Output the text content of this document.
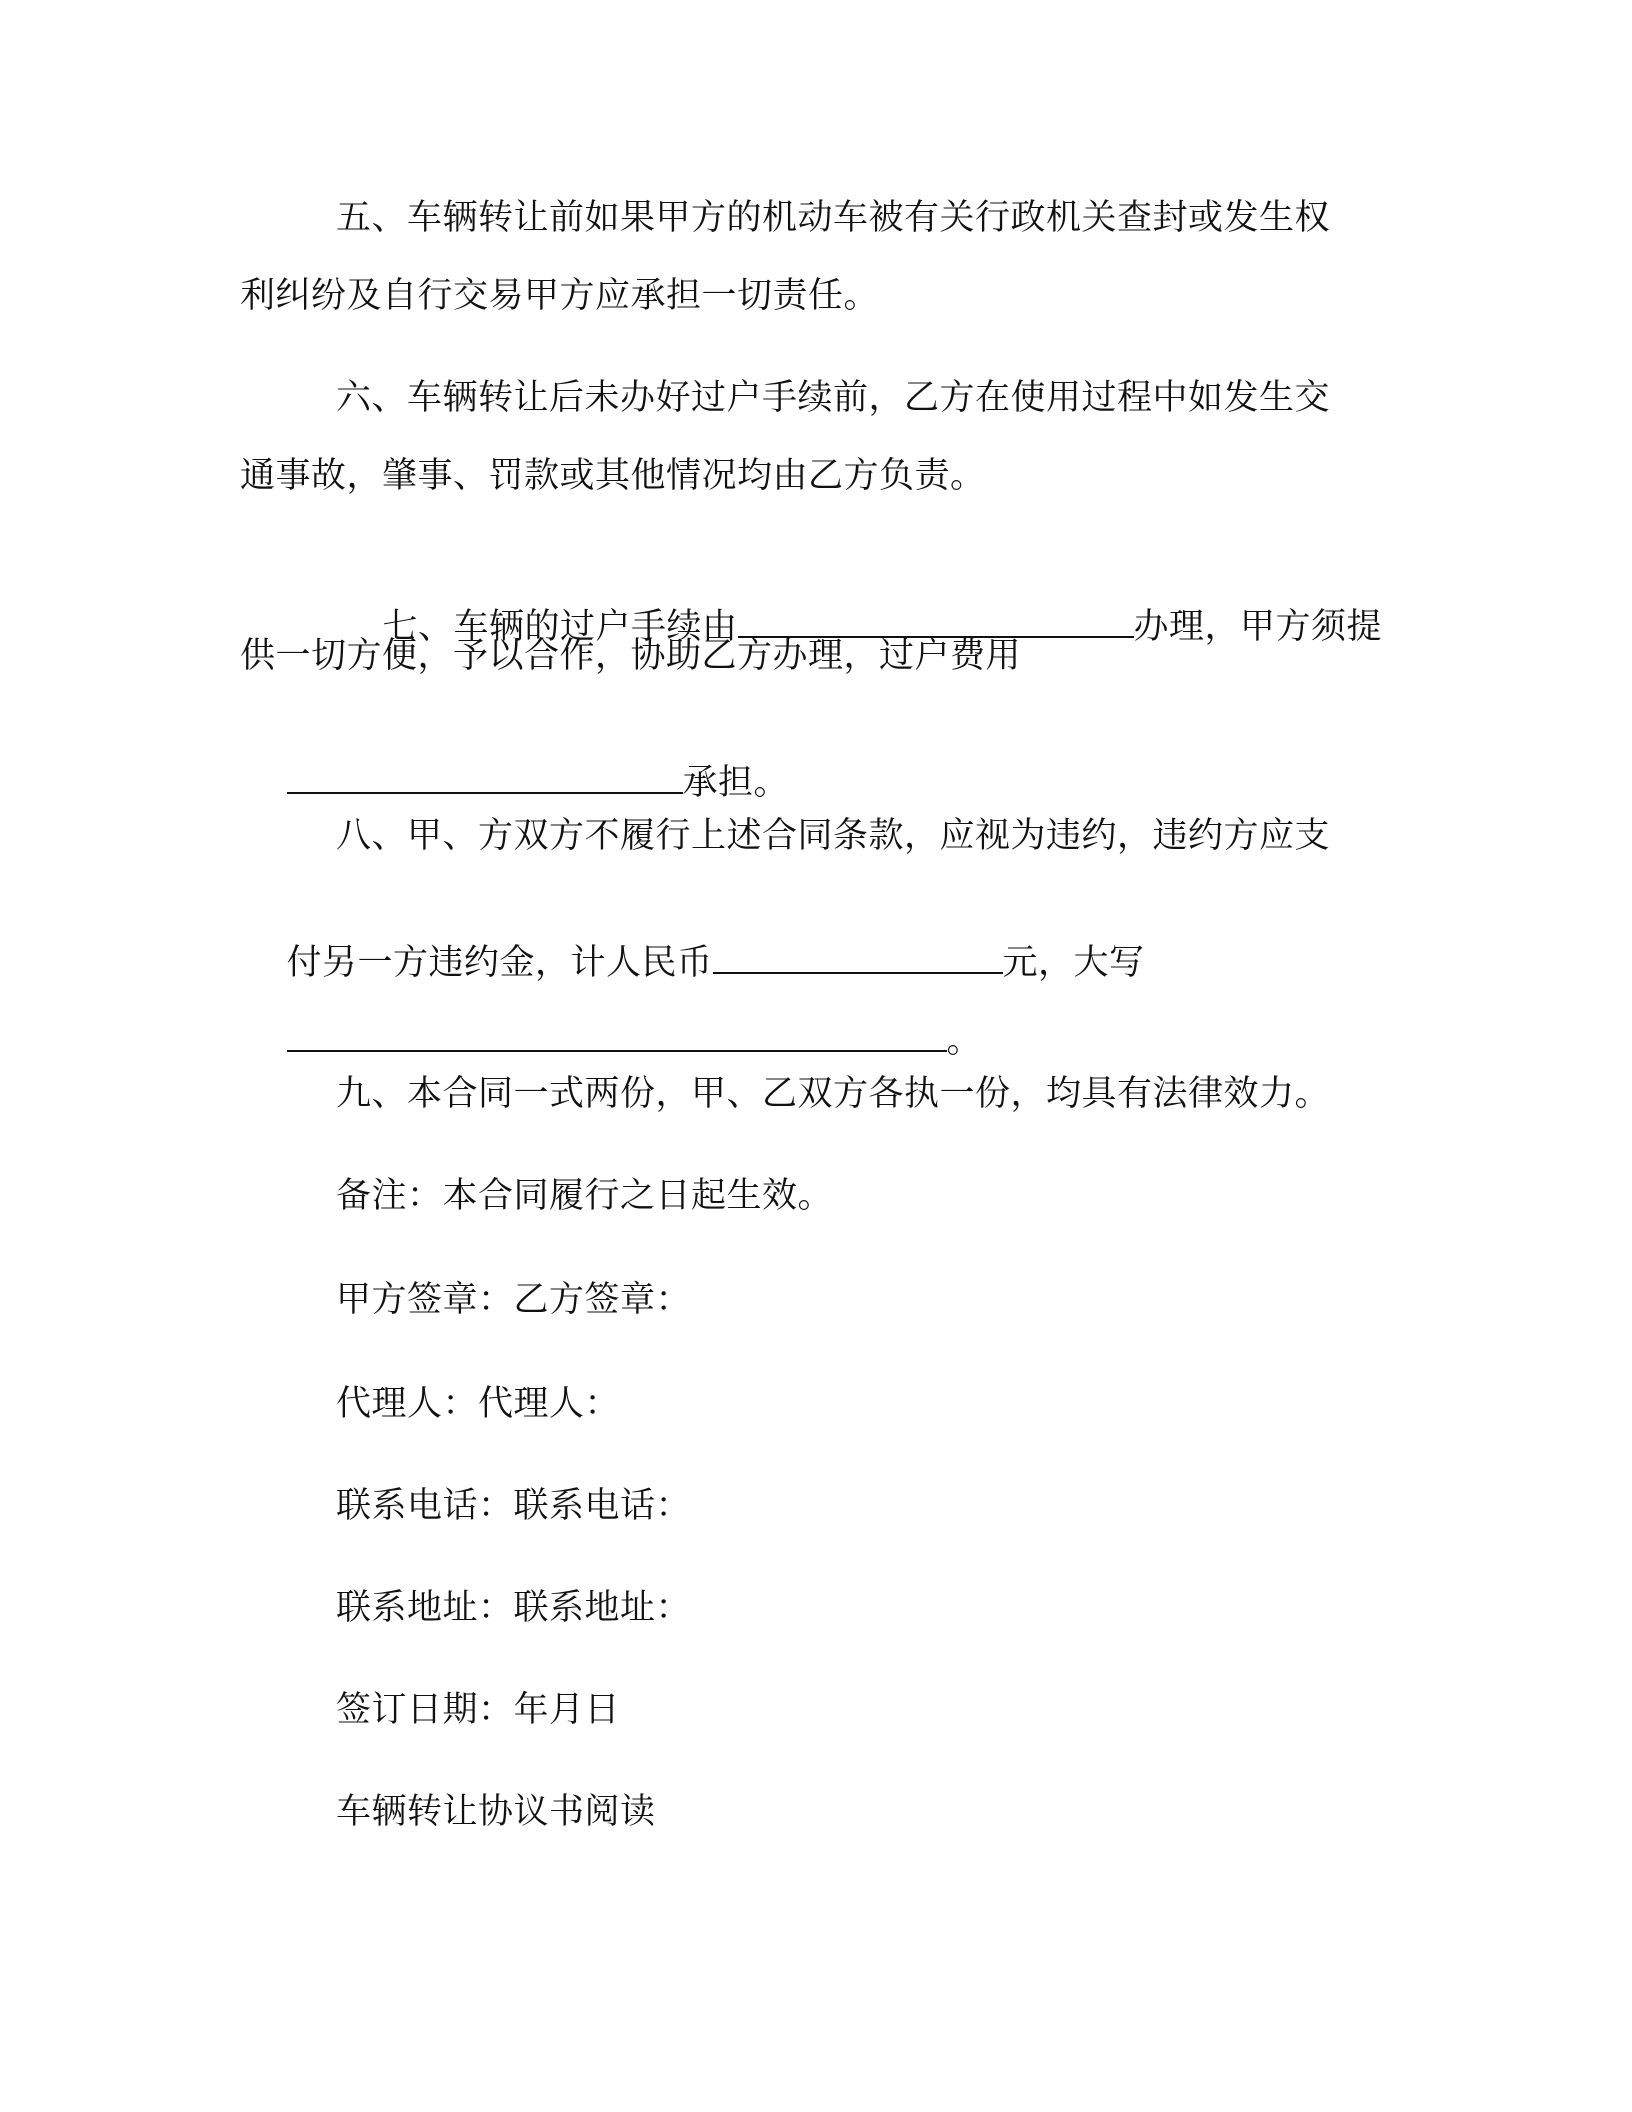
五、车辆转让前如果甲方的机动车被有关行政机关查封或发生权
利纠纷及自行交易甲方应承担一切责任。
六、车辆转让后未办好过户手续前，乙方在使用过程中如发生交
通事故，肇事、罚款或其他情况均由乙方负责。

七、车辆的过户手续由	办理，甲方须提

供一切方便，予以合作，协助乙方办理，过户费用

承担。

八、甲、方双方不履行上述合同条款，应视为违约，违约方应支

付另一方违约金，计人民币	元，大写

。

九、本合同一式两份，甲、乙双方各执一份，均具有法律效力。
备注：本合同履行之日起生效。
甲方签章：乙方签章：
代理人：代理人：
联系电话：联系电话：
联系地址：联系地址：
签订日期：年月日
车辆转让协议书阅读
